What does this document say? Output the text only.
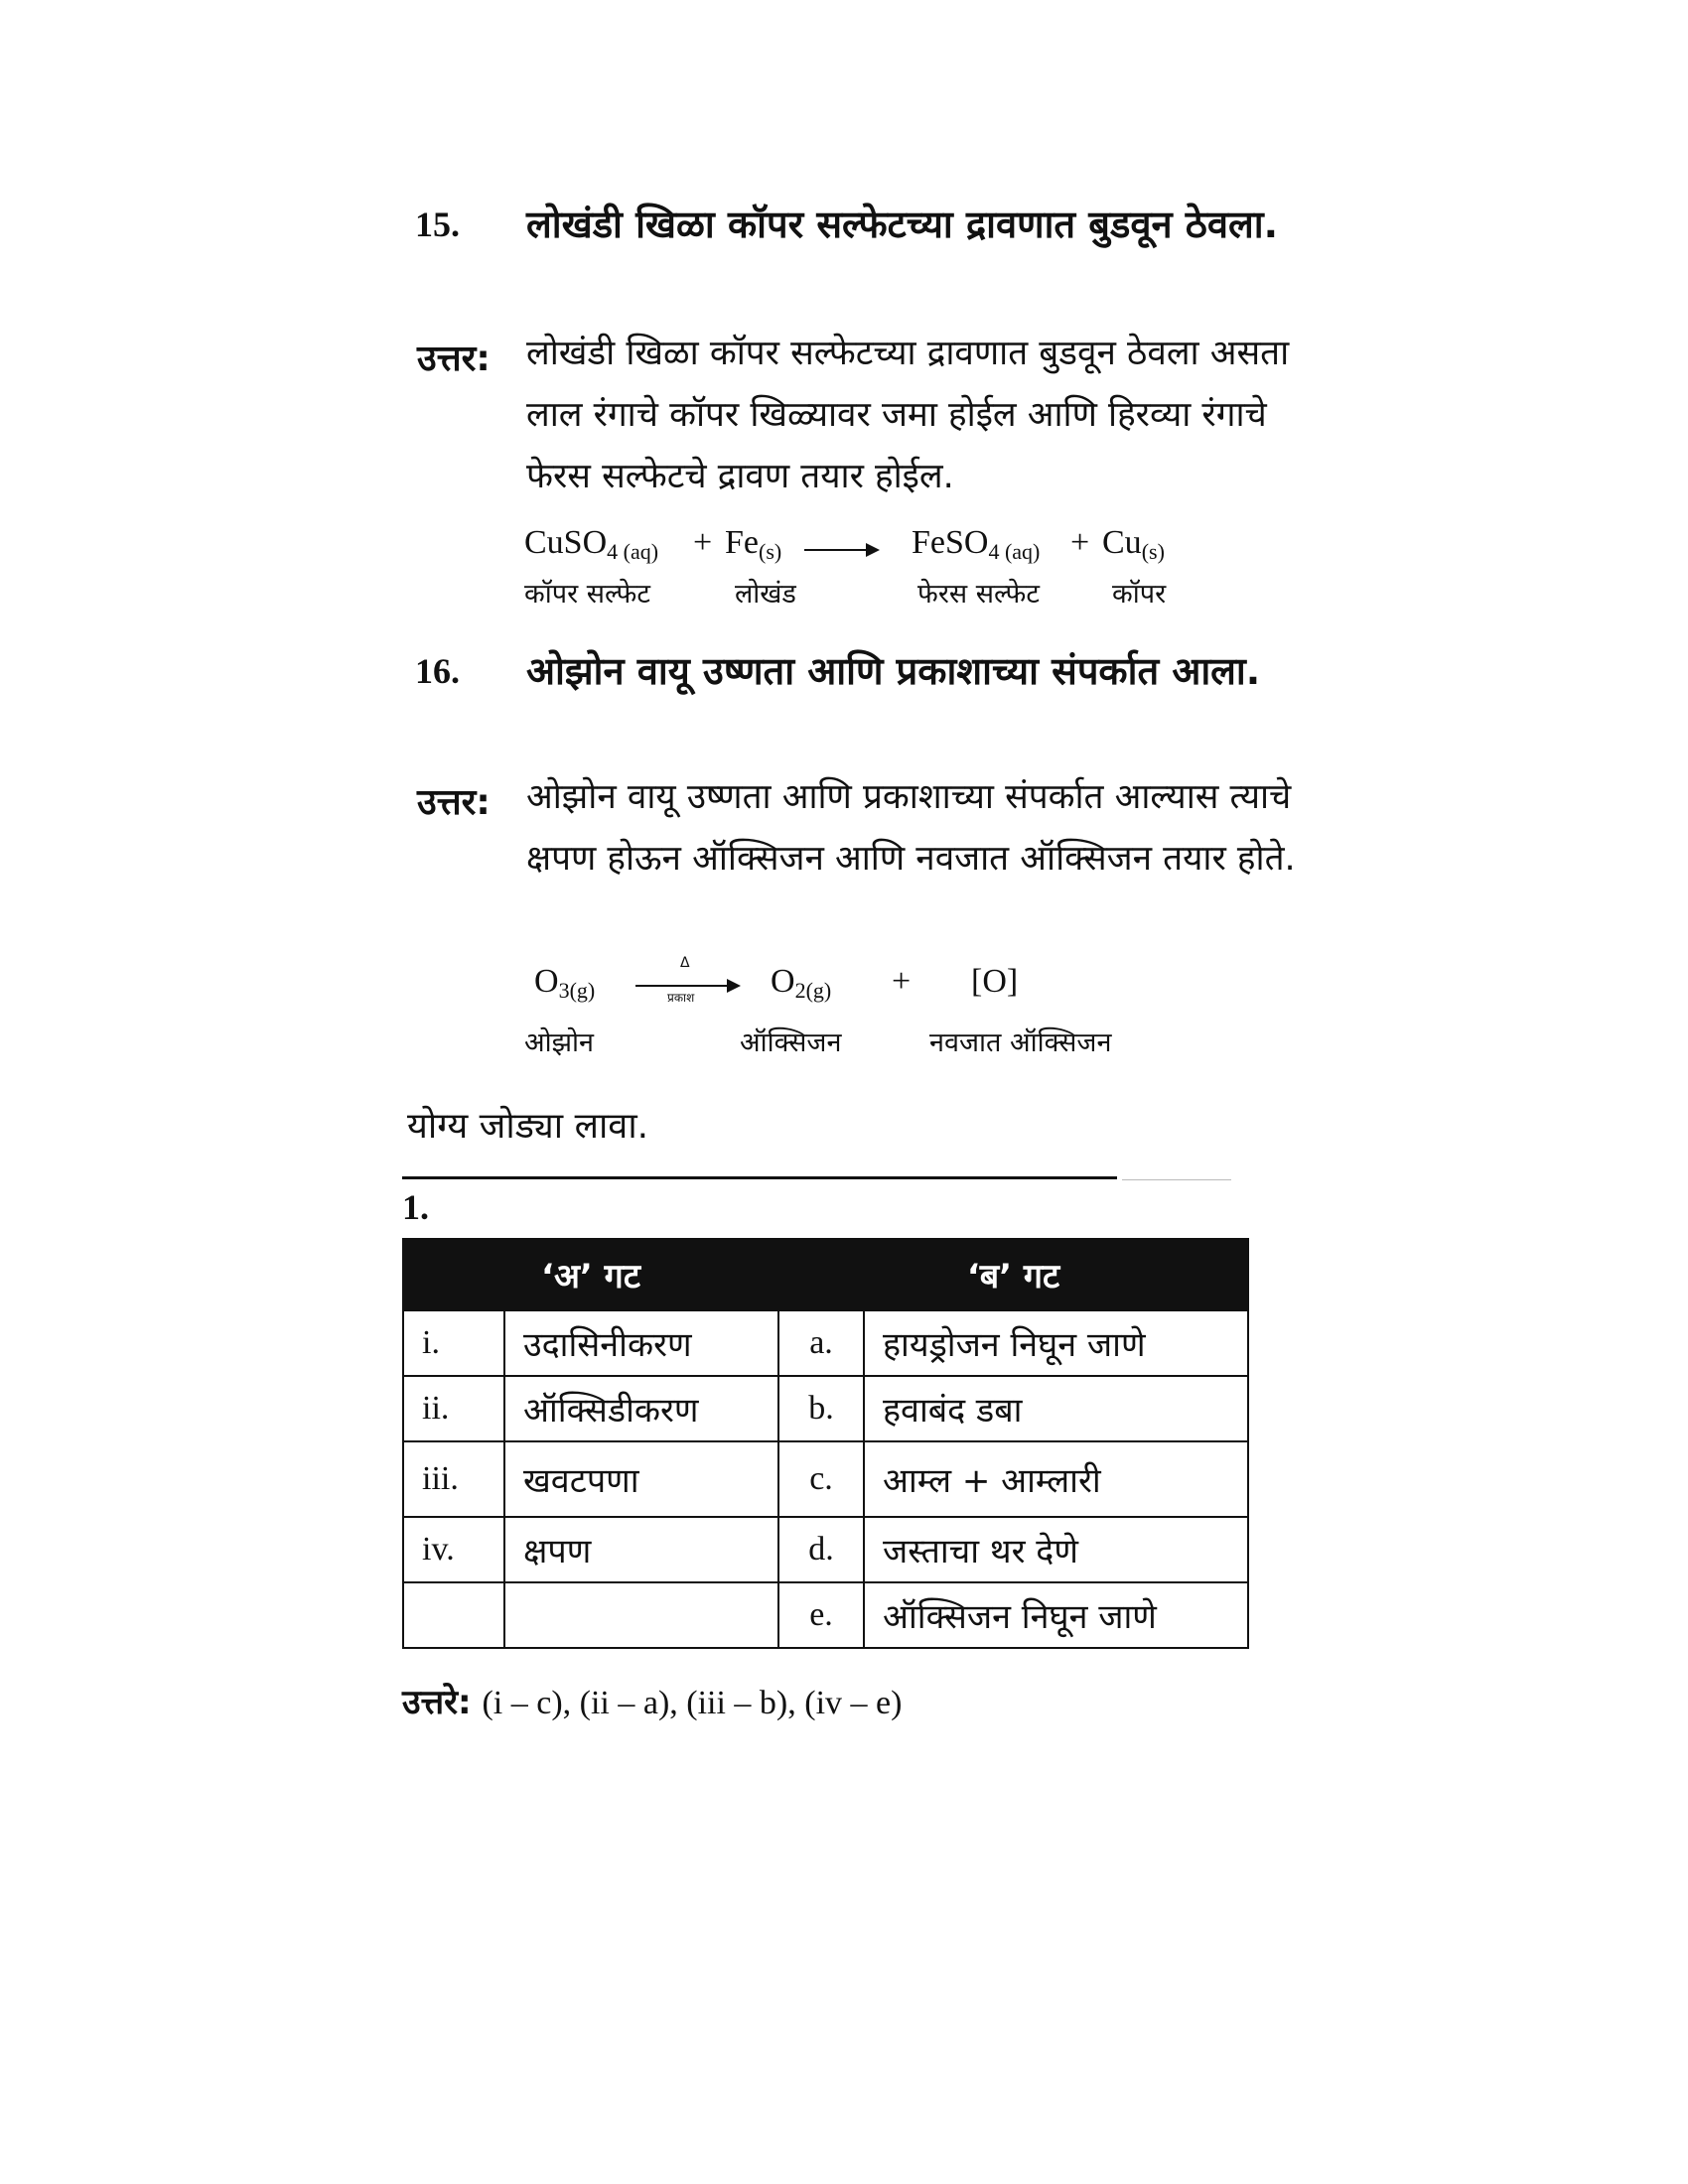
15. लोखंडी खिळा कॉपर सल्फेटच्या द्रावणात बुडवून ठेवला.
उत्तर: लोखंडी खिळा कॉपर सल्फेटच्या द्रावणात बुडवून ठेवला असता लाल रंगाचे कॉपर खिळ्यावर जमा होईल आणि हिरव्या रंगाचे फेरस सल्फेटचे द्रावण तयार होईल.
CuSO$_{4 (aq)}$ + $Fe_{(s)}$	FeSO$_{4 (aq)}$ + $Cu_{(s)}$
कॉपर सल्फेट	लोखंड	फेरस सल्फेट	कॉपर
16. ओझोन वायू उष्णता आणि प्रकाशाच्या संपर्कात आला.
उत्तर: ओझोन वायू उष्णता आणि प्रकाशाच्या संपर्कात आल्यास त्याचे क्षपण होऊन ऑक्सिजन आणि नवजात ऑक्सिजन तयार होते.
$O_{3(g)}$
Δ
प्रकाश $O_{2(g)} + [O]$
ओझोन	ऑक्सिजन	नवजात ऑक्सिजन
योग्य जोड्या लावा.
1.
‘अ’ गट		‘ब’ गट	
i.	उदासिनीकरण	a.	हायड्रोजन निघून जाणे
ii.	ऑक्सिडीकरण	b.	हवाबंद डबा
iii.	खवटपणा	c.	आम्ल + आम्लारी
iv.	क्षपण	d.	जस्ताचा थर देणे
		e.	ऑक्सिजन निघून जाणे
उत्तरे: (i – c), (ii – a), (iii – b), (iv – e)
